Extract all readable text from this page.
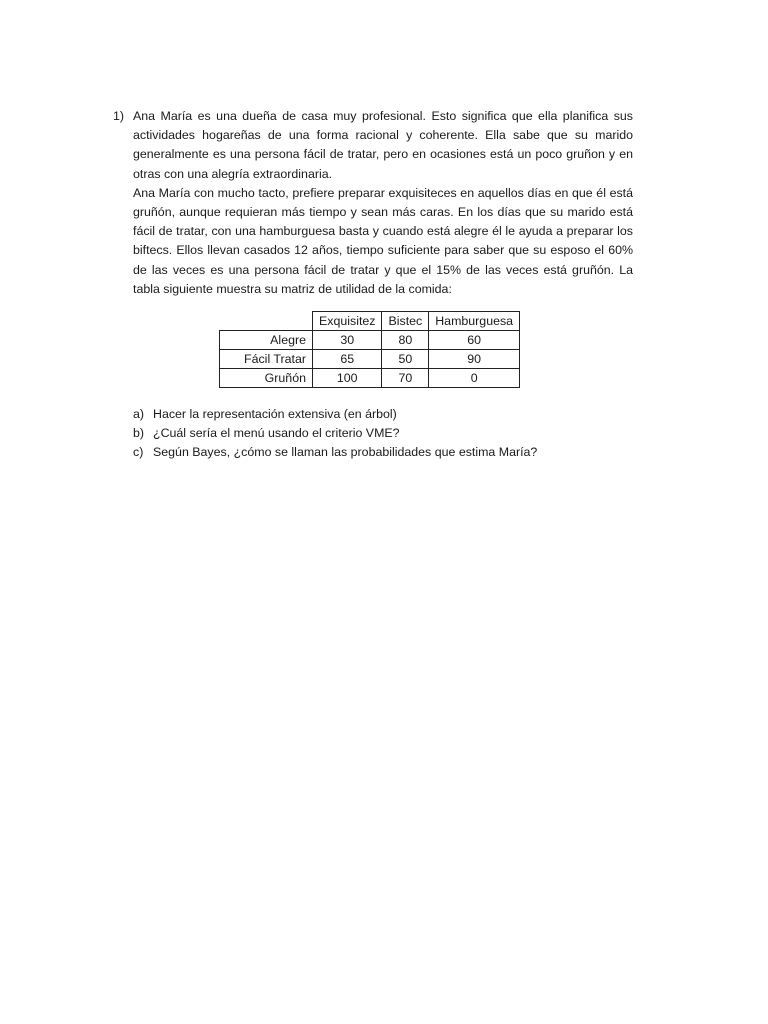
1) Ana María es una dueña de casa muy profesional. Esto significa que ella planifica sus actividades hogareñas de una forma racional y coherente. Ella sabe que su marido generalmente es una persona fácil de tratar, pero en ocasiones está un poco gruñon y en otras con una alegría extraordinaria.

Ana María con mucho tacto, prefiere preparar exquisiteces en aquellos días en que él está gruñón, aunque requieran más tiempo y sean más caras. En los días que su marido está fácil de tratar, con una hamburguesa basta y cuando está alegre él le ayuda a preparar los biftecs. Ellos llevan casados 12 años, tiempo suficiente para saber que su esposo el 60% de las veces es una persona fácil de tratar y que el 15% de las veces está gruñón. La tabla siguiente muestra su matriz de utilidad de la comida:

	Exquisitez	Bistec	Hamburguesa
Alegre	30	80	60
Fácil Tratar	65	50	90
Gruñón	100	70	0
a) Hacer la representación extensiva (en árbol)
b) ¿Cuál sería el menú usando el criterio VME?
c) Según Bayes, ¿cómo se llaman las probabilidades que estima María?
